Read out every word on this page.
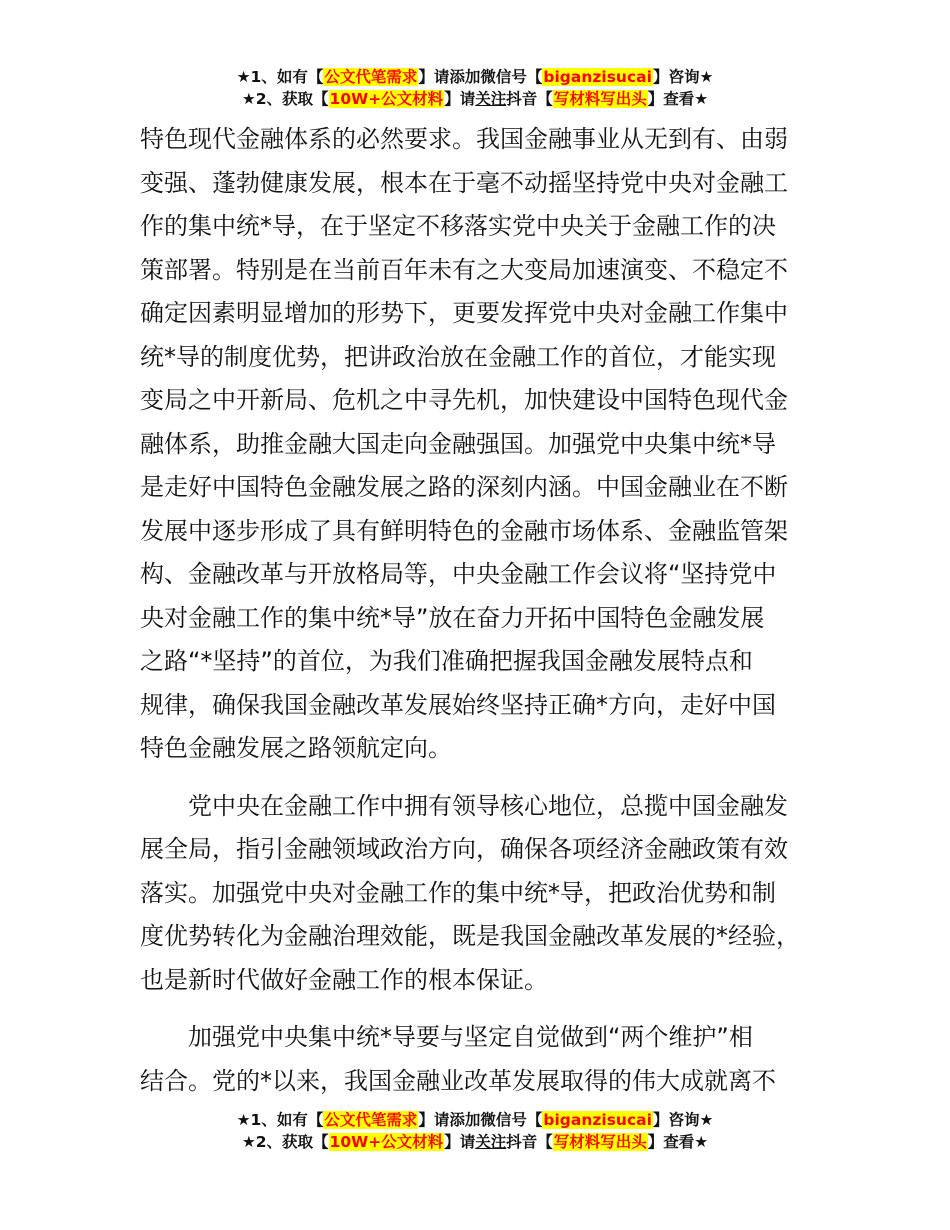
★1、如有【公文代笔需求】请添加微信号【biganzisucai】咨询★
★2、获取【10W+公文材料】请关注抖音【写材料写出头】查看★

特色现代金融体系的必然要求。我国金融事业从无到有、由弱
变强、蓬勃健康发展，根本在于毫不动摇坚持党中央对金融工
作的集中统*导，在于坚定不移落实党中央关于金融工作的决
策部署。特别是在当前百年未有之大变局加速演变、不稳定不
确定因素明显增加的形势下，更要发挥党中央对金融工作集中
统*导的制度优势，把讲政治放在金融工作的首位，才能实现
变局之中开新局、危机之中寻先机，加快建设中国特色现代金
融体系，助推金融大国走向金融强国。加强党中央集中统*导
是走好中国特色金融发展之路的深刻内涵。中国金融业在不断
发展中逐步形成了具有鲜明特色的金融市场体系、金融监管架
构、金融改革与开放格局等，中央金融工作会议将“坚持党中
央对金融工作的集中统*导”放在奋力开拓中国特色金融发展
之路“*坚持”的首位，为我们准确把握我国金融发展特点和
规律，确保我国金融改革发展始终坚持正确*方向，走好中国
特色金融发展之路领航定向。

党中央在金融工作中拥有领导核心地位，总揽中国金融发
展全局，指引金融领域政治方向，确保各项经济金融政策有效
落实。加强党中央对金融工作的集中统*导，把政治优势和制
度优势转化为金融治理效能，既是我国金融改革发展的*经验，
也是新时代做好金融工作的根本保证。

加强党中央集中统*导要与坚定自觉做到“两个维护”相
结合。党的*以来，我国金融业改革发展取得的伟大成就离不

★1、如有【公文代笔需求】请添加微信号【biganzisucai】咨询★
★2、获取【10W+公文材料】请关注抖音【写材料写出头】查看★
